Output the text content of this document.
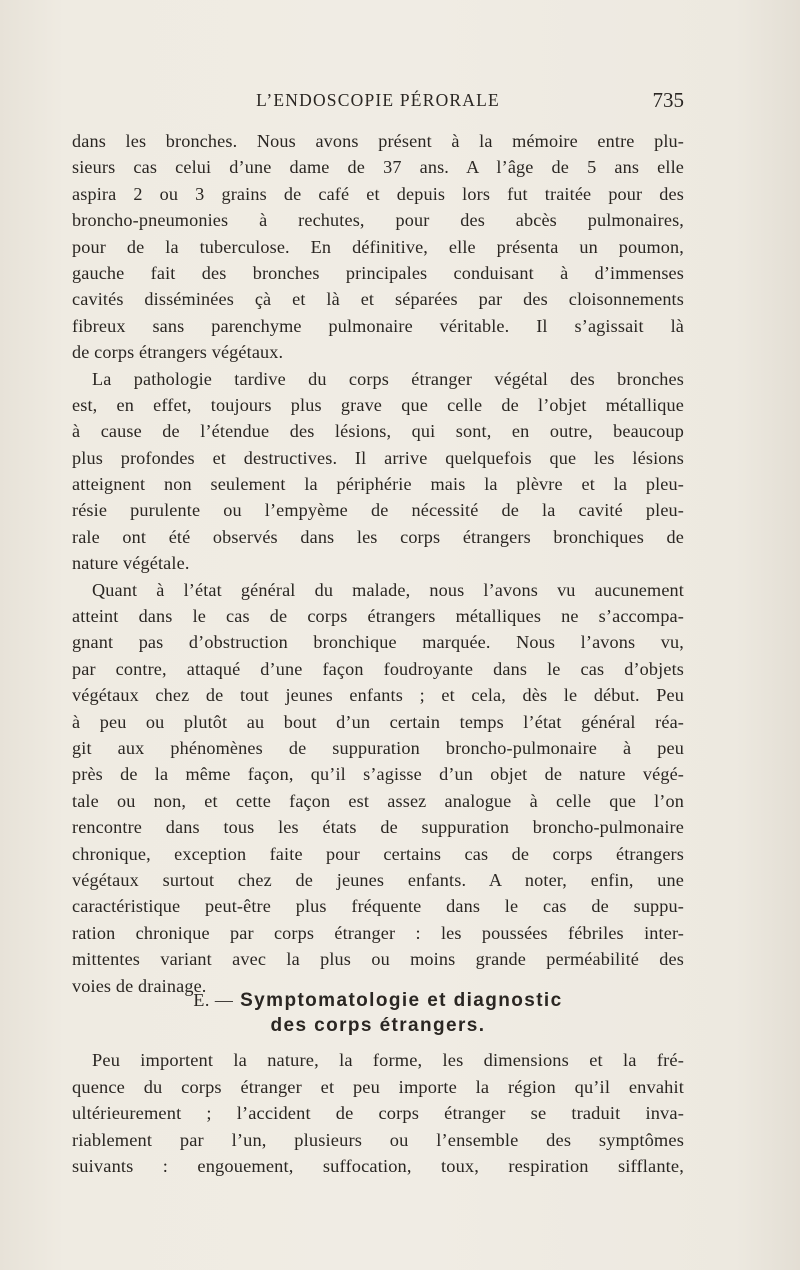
L’ENDOSCOPIE PÉRORALE	735
dans les bronches. Nous avons présent à la mémoire entre plu-
sieurs cas celui d’une dame de 37 ans. A l’âge de 5 ans elle
aspira 2 ou 3 grains de café et depuis lors fut traitée pour des
broncho-pneumonies à rechutes, pour des abcès pulmonaires,
pour de la tuberculose. En définitive, elle présenta un poumon,
gauche fait des bronches principales conduisant à d’immenses
cavités disséminées çà et là et séparées par des cloisonnements
fibreux sans parenchyme pulmonaire véritable. Il s’agissait là
de corps étrangers végétaux.
La pathologie tardive du corps étranger végétal des bronches
est, en effet, toujours plus grave que celle de l’objet métallique
à cause de l’étendue des lésions, qui sont, en outre, beaucoup
plus profondes et destructives. Il arrive quelquefois que les lésions
atteignent non seulement la périphérie mais la plèvre et la pleu-
résie purulente ou l’empyème de nécessité de la cavité pleu-
rale ont été observés dans les corps étrangers bronchiques de
nature végétale.
Quant à l’état général du malade, nous l’avons vu aucunement
atteint dans le cas de corps étrangers métalliques ne s’accompa-
gnant pas d’obstruction bronchique marquée. Nous l’avons vu,
par contre, attaqué d’une façon foudroyante dans le cas d’objets
végétaux chez de tout jeunes enfants ; et cela, dès le début. Peu
à peu ou plutôt au bout d’un certain temps l’état général réa-
git aux phénomènes de suppuration broncho-pulmonaire à peu
près de la même façon, qu’il s’agisse d’un objet de nature végé-
tale ou non, et cette façon est assez analogue à celle que l’on
rencontre dans tous les états de suppuration broncho-pulmonaire
chronique, exception faite pour certains cas de corps étrangers
végétaux surtout chez de jeunes enfants. A noter, enfin, une
caractéristique peut-être plus fréquente dans le cas de suppu-
ration chronique par corps étranger : les poussées fébriles inter-
mittentes variant avec la plus ou moins grande perméabilité des
voies de drainage.
E. — Symptomatologie et diagnostic
des corps étrangers.
Peu importent la nature, la forme, les dimensions et la fré-
quence du corps étranger et peu importe la région qu’il envahit
ultérieurement ; l’accident de corps étranger se traduit inva-
riablement par l’un, plusieurs ou l’ensemble des symptômes
suivants : engouement, suffocation, toux, respiration sifflante,
